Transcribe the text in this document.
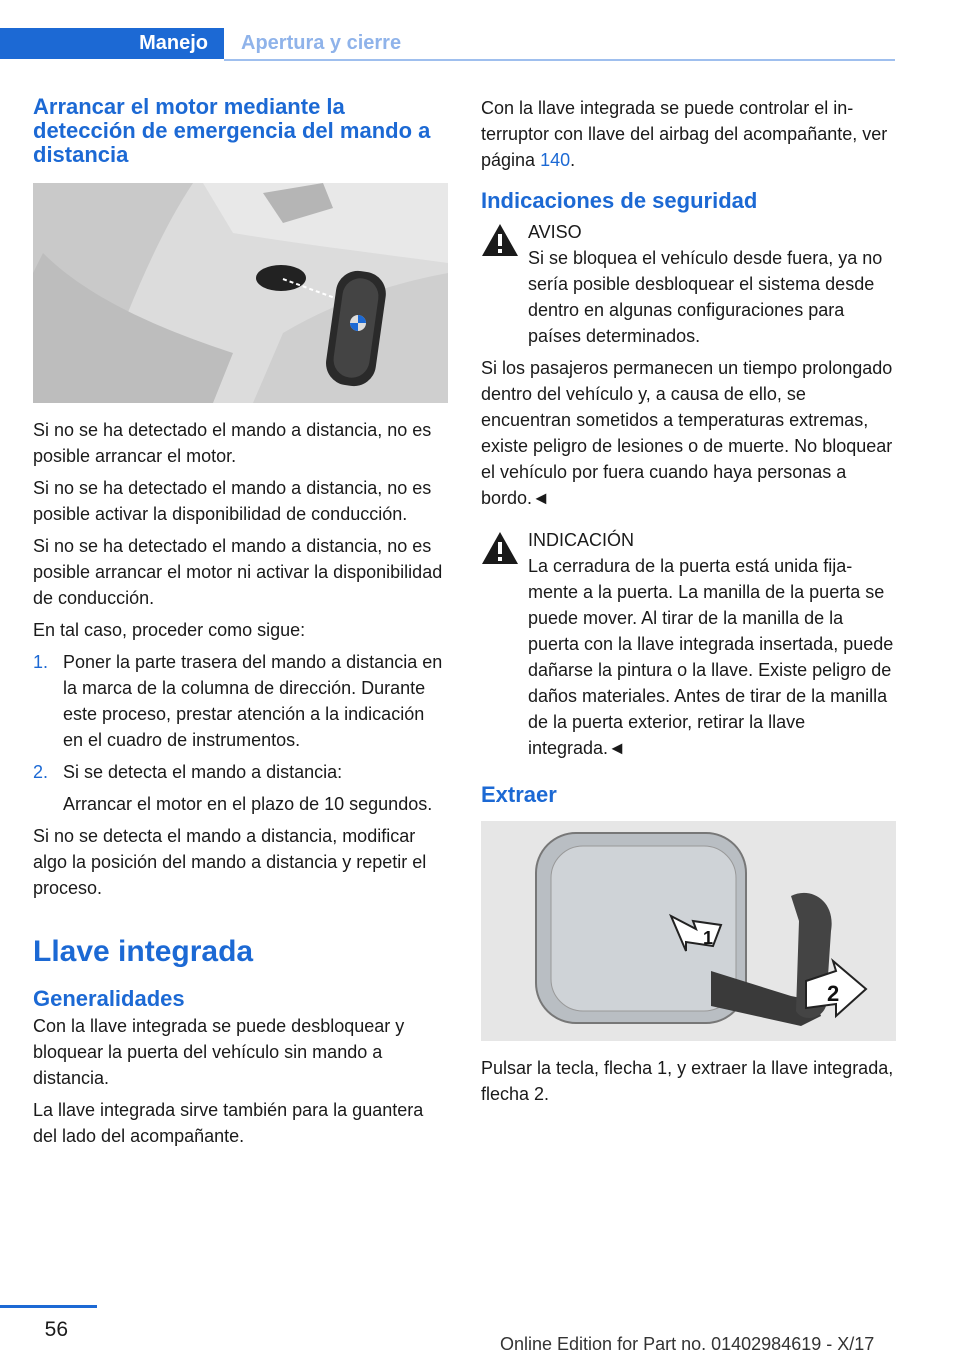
Manejo	Apertura y cierre
Arrancar el motor mediante la detección de emergencia del mando a distancia

Si no se ha detectado el mando a distancia, no es posible arrancar el motor.

Si no se ha detectado el mando a distancia, no es posible activar la disponibilidad de conducción.

Si no se ha detectado el mando a distancia, no es posible arrancar el motor ni activar la disponibilidad de conducción.

En tal caso, proceder como sigue:

1. Poner la parte trasera del mando a distancia en la marca de la columna de dirección. Durante este proceso, prestar atención a la indicación en el cuadro de instrumentos.
2. Si se detecta el mando a distancia:
Arrancar el motor en el plazo de 10 segundos.

Si no se detecta el mando a distancia, modificar algo la posición del mando a distancia y repetir el proceso.

Llave integrada
Generalidades

Con la llave integrada se puede desbloquear y bloquear la puerta del vehículo sin mando a distancia.

La llave integrada sirve también para la guantera del lado del acompañante.

Con la llave integrada se puede controlar el interruptor con llave del airbag del acompañante, ver página 140.

Indicaciones de seguridad
AVISO
Si se bloquea el vehículo desde fuera, ya no sería posible desbloquear el sistema desde dentro en algunas configuraciones para países determinados.

Si los pasajeros permanecen un tiempo prolongado dentro del vehículo y, a causa de ello, se encuentran sometidos a temperaturas extremas, existe peligro de lesiones o de muerte. No bloquear el vehículo por fuera cuando haya personas a bordo.◄

INDICACIÓN
La cerradura de la puerta está unida fijamente a la puerta. La manilla de la puerta se puede mover. Al tirar de la manilla de la puerta con la llave integrada insertada, puede dañarse la pintura o la llave. Existe peligro de daños materiales. Antes de tirar de la manilla de la puerta exterior, retirar la llave integrada.◄
Extraer
1
2

Pulsar la tecla, flecha 1, y extraer la llave integrada, flecha 2.

56
Online Edition for Part no. 01402984619 - X/17
